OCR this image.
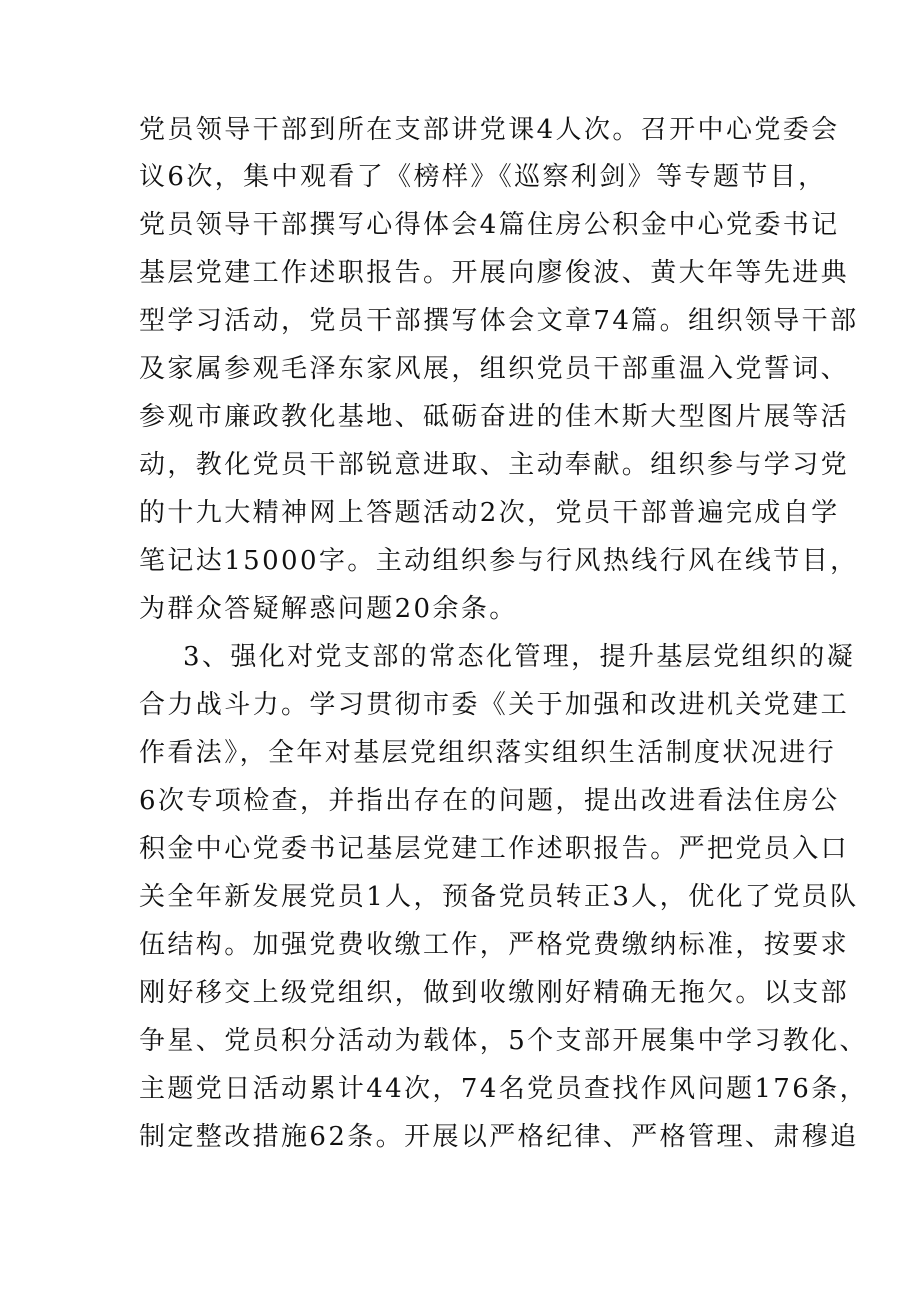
党员领导干部到所在支部讲党课4人次。召开中心党委会

议6次，集中观看了《榜样》《巡察利剑》等专题节目，

党员领导干部撰写心得体会4篇住房公积金中心党委书记

基层党建工作述职报告。开展向廖俊波、黄大年等先进典

型学习活动，党员干部撰写体会文章74篇。组织领导干部

及家属参观毛泽东家风展，组织党员干部重温入党誓词、

参观市廉政教化基地、砥砺奋进的佳木斯大型图片展等活

动，教化党员干部锐意进取、主动奉献。组织参与学习党

的十九大精神网上答题活动2次，党员干部普遍完成自学

笔记达15000字。主动组织参与行风热线行风在线节目，

为群众答疑解惑问题20余条。

3、强化对党支部的常态化管理，提升基层党组织的凝

合力战斗力。学习贯彻市委《关于加强和改进机关党建工

作看法》，全年对基层党组织落实组织生活制度状况进行

6次专项检查，并指出存在的问题，提出改进看法住房公

积金中心党委书记基层党建工作述职报告。严把党员入口

关全年新发展党员1人，预备党员转正3人，优化了党员队

伍结构。加强党费收缴工作，严格党费缴纳标准，按要求

刚好移交上级党组织，做到收缴刚好精确无拖欠。以支部

争星、党员积分活动为载体，5个支部开展集中学习教化、

主题党日活动累计44次，74名党员查找作风问题176条，

制定整改措施62条。开展以严格纪律、严格管理、肃穆追
